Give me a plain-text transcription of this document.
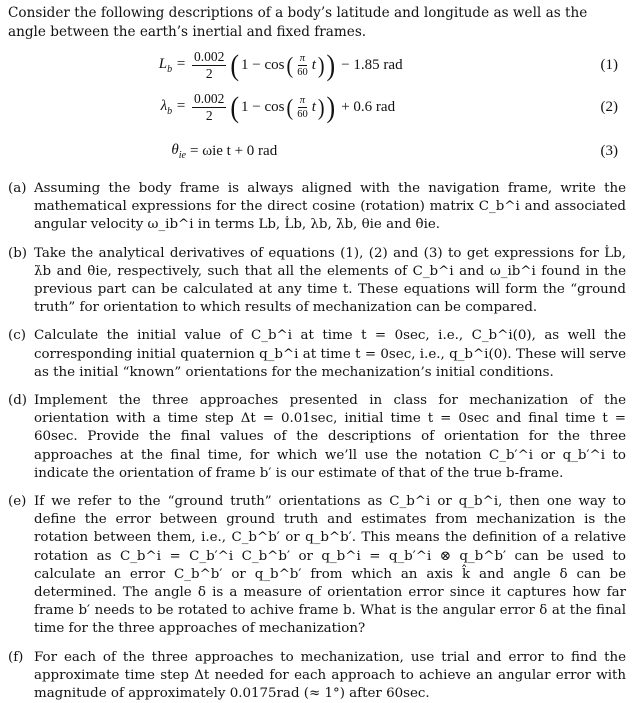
Consider the following descriptions of a body’s latitude and longitude as well as the angle between the earth’s inertial and fixed frames.

$L_b = \frac{0.002}{2}$ ( 1 − cos ( $\frac{\pi}{60}$ t ) ) − 1.85 rad	(1)
$\lambda_b = \frac{0.002}{2}$ ( 1 − cos ( $\frac{\pi}{60}$ t ) ) + 0.6 rad	(2)
$\theta_{ie} = \omega ie$ t + 0 rad	(3)
(a) Assuming the body frame is always aligned with the navigation frame, write the mathematical expressions for the direct cosine (rotation) matrix C_b^i and associated angular velocity ω_ib^i in terms Lb, L̇b, λb, λ̇b, θie and θ̇ie.
(b) Take the analytical derivatives of equations (1), (2) and (3) to get expressions for L̇b, λ̇b and θ̇ie, respectively, such that all the elements of C_b^i and ω_ib^i found in the previous part can be calculated at any time t. These equations will form the “ground truth” for orientation to which results of mechanization can be compared.
(c) Calculate the initial value of C_b^i at time t = 0sec, i.e., C_b^i(0), as well the corresponding initial quaternion q_b^i at time t = 0sec, i.e., q_b^i(0). These will serve as the initial “known” orientations for the mechanization’s initial conditions.
(d) Implement the three approaches presented in class for mechanization of the orientation with a time step Δt = 0.01sec, initial time t = 0sec and final time t = 60sec. Provide the final values of the descriptions of orientation for the three approaches at the final time, for which we’ll use the notation C_b′^i or q_b′^i to indicate the orientation of frame b′ is our estimate of that of the true b-frame.
(e) If we refer to the “ground truth” orientations as C_b^i or q_b^i, then one way to define the error between ground truth and estimates from mechanization is the rotation between them, i.e., C_b^b′ or q_b^b′. This means the definition of a relative rotation as C_b^i = C_b′^i C_b^b′ or q_b^i = q_b′^i ⊗ q_b^b′ can be used to calculate an error C_b^b′ or q_b^b′ from which an axis k̂ and angle δ can be determined. The angle δ is a measure of orientation error since it captures how far frame b′ needs to be rotated to achive frame b. What is the angular error δ at the final time for the three approaches of mechanization?
(f) For each of the three approaches to mechanization, use trial and error to find the approximate time step Δt needed for each approach to achieve an angular error with magnitude of approximately 0.0175rad (≈ 1°) after 60sec.
